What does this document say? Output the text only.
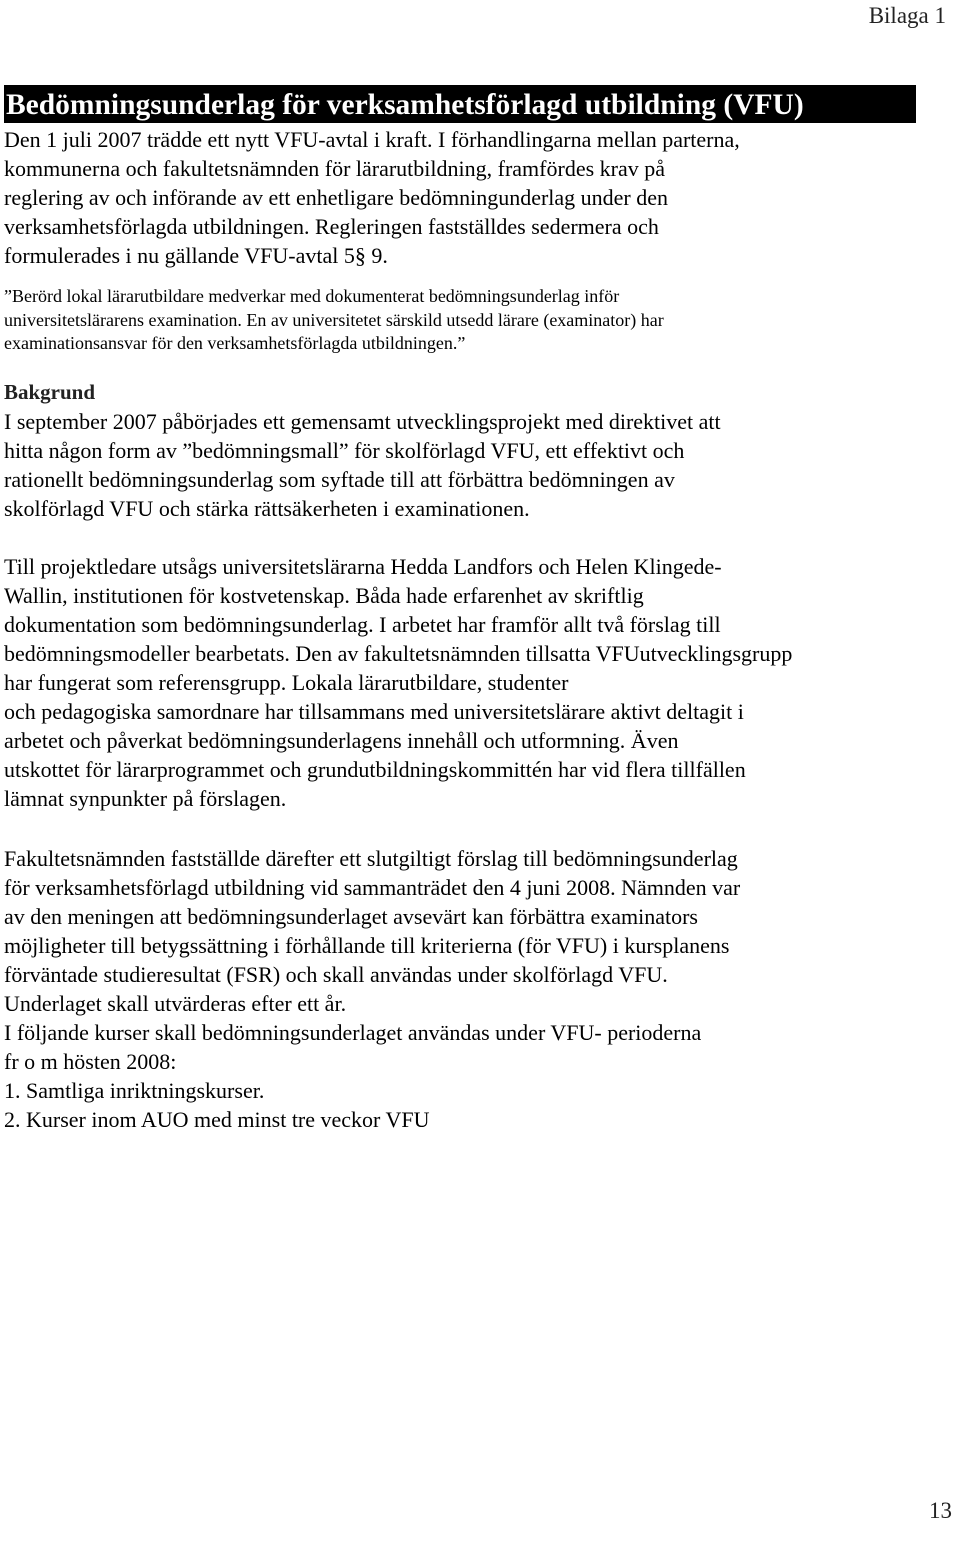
Bilaga 1
Bedömningsunderlag för verksamhetsförlagd utbildning (VFU)

Den 1 juli 2007 trädde ett nytt VFU-avtal i kraft. I förhandlingarna mellan parterna,

kommunerna och fakultetsnämnden för lärarutbildning, framfördes krav på

reglering av och införande av ett enhetligare bedömningunderlag under den

verksamhetsförlagda utbildningen. Regleringen fastställdes sedermera och

formulerades i nu gällande VFU-avtal 5§ 9.

”Berörd lokal lärarutbildare medverkar med dokumenterat bedömningsunderlag inför

universitetslärarens examination. En av universitetet särskild utsedd lärare (examinator) har

examinationsansvar för den verksamhetsförlagda utbildningen.”

Bakgrund

I september 2007 påbörjades ett gemensamt utvecklingsprojekt med direktivet att

hitta någon form av ”bedömningsmall” för skolförlagd VFU, ett effektivt och

rationellt bedömningsunderlag som syftade till att förbättra bedömningen av

skolförlagd VFU och stärka rättsäkerheten i examinationen.

Till projektledare utsågs universitetslärarna Hedda Landfors och Helen Klingede-

Wallin, institutionen för kostvetenskap. Båda hade erfarenhet av skriftlig

dokumentation som bedömningsunderlag. I arbetet har framför allt två förslag till

bedömningsmodeller bearbetats. Den av fakultetsnämnden tillsatta VFUutvecklingsgrupp

har fungerat som referensgrupp. Lokala lärarutbildare, studenter

och pedagogiska samordnare har tillsammans med universitetslärare aktivt deltagit i

arbetet och påverkat bedömningsunderlagens innehåll och utformning. Även

utskottet för lärarprogrammet och grundutbildningskommittén har vid flera tillfällen

lämnat synpunkter på förslagen.

Fakultetsnämnden fastställde därefter ett slutgiltigt förslag till bedömningsunderlag

för verksamhetsförlagd utbildning vid sammanträdet den 4 juni 2008. Nämnden var

av den meningen att bedömningsunderlaget avsevärt kan förbättra examinators

möjligheter till betygssättning i förhållande till kriterierna (för VFU) i kursplanens

förväntade studieresultat (FSR) och skall användas under skolförlagd VFU.

Underlaget skall utvärderas efter ett år.

I följande kurser skall bedömningsunderlaget användas under VFU- perioderna

fr o m hösten 2008:

1. Samtliga inriktningskurser.

2. Kurser inom AUO med minst tre veckor VFU

13
